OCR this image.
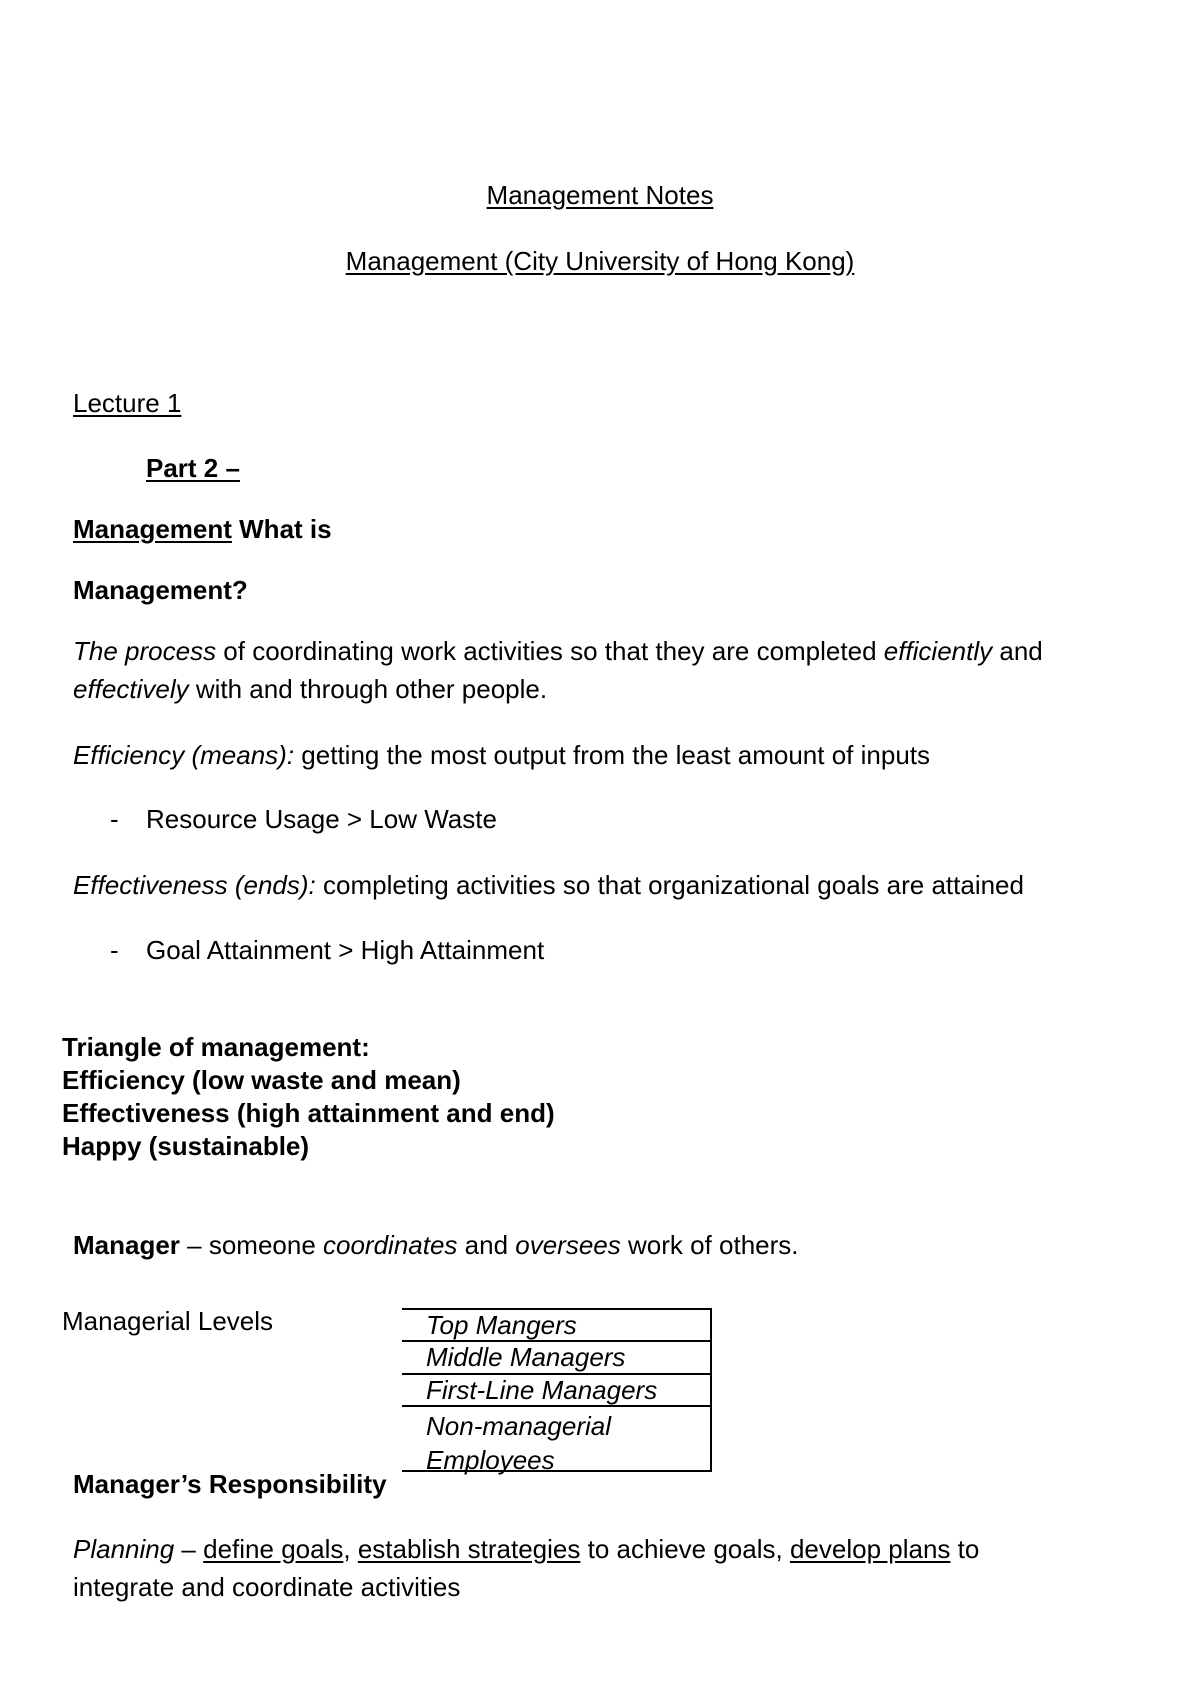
Management Notes
Management (City University of Hong Kong)
Lecture 1
Part 2 –
Management What is
Management?
The process of coordinating work activities so that they are completed efficiently and
effectively with and through other people.
Efficiency (means): getting the most output from the least amount of inputs
- Resource Usage > Low Waste
Effectiveness (ends): completing activities so that organizational goals are attained
- Goal Attainment > High Attainment
Triangle of management:
Efficiency (low waste and mean)
Effectiveness (high attainment and end)
Happy (sustainable)
Manager – someone coordinates and oversees work of others.
Managerial Levels	Top Mangers
Middle Managers
First-Line Managers
Non-managerial Employees
Manager’s Responsibility
Planning – define goals, establish strategies to achieve goals, develop plans to
integrate and coordinate activities
